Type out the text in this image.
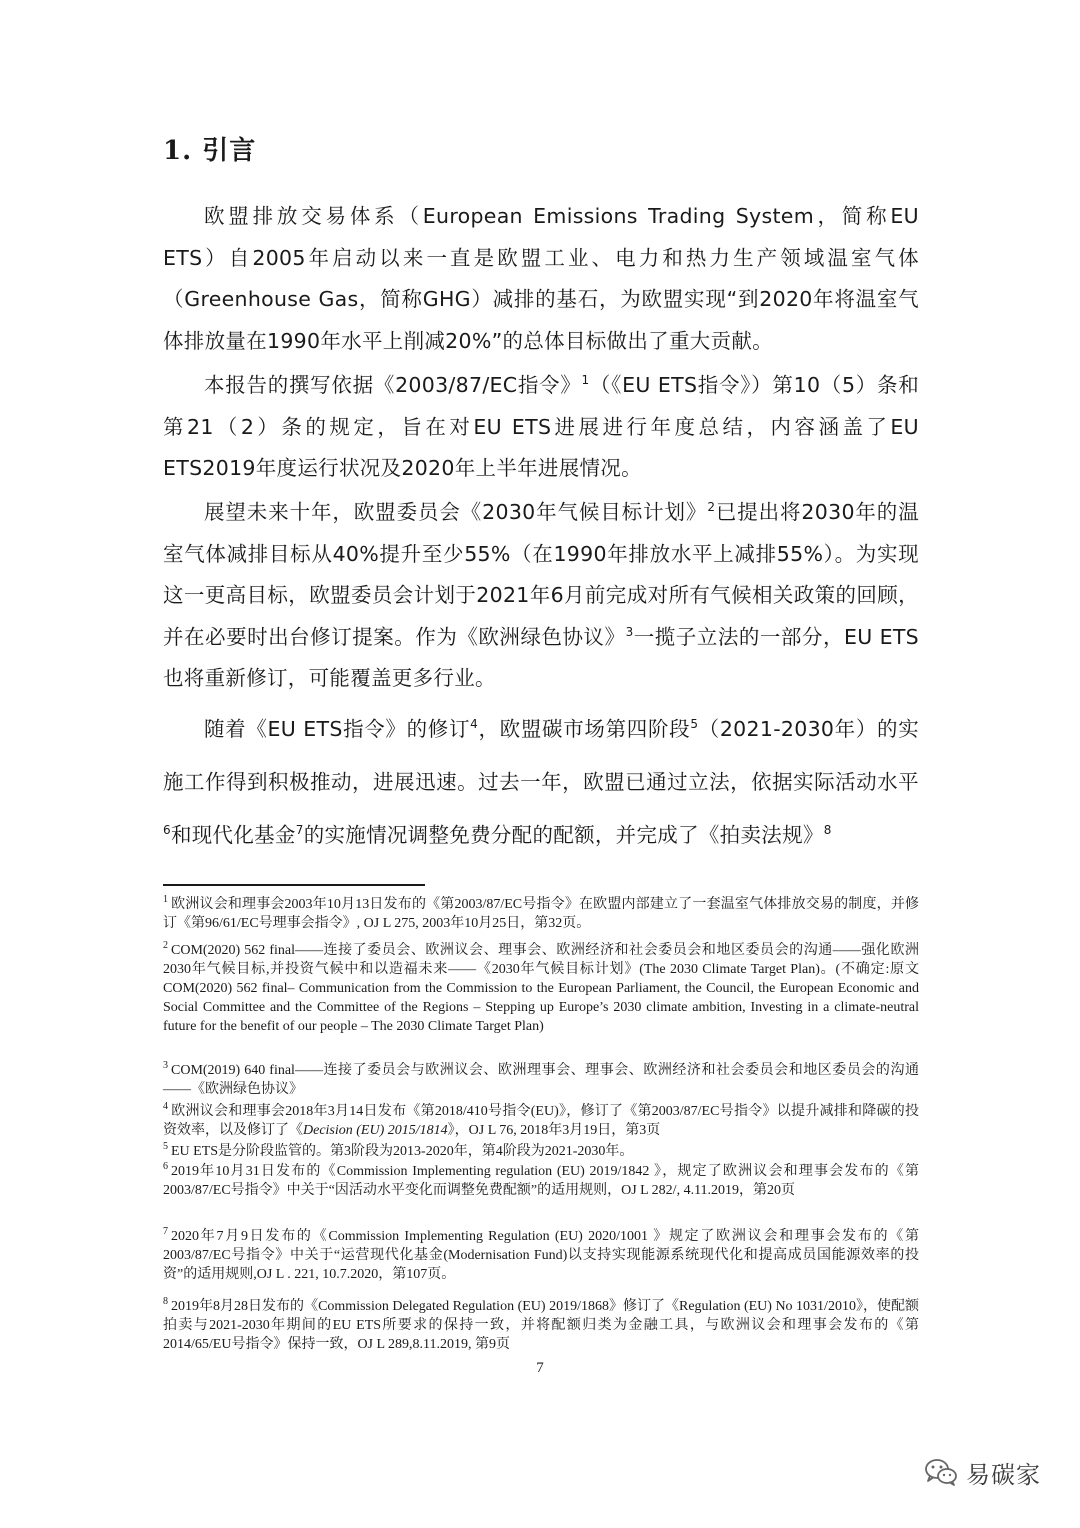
1. 引言

欧盟排放交易体系（European Emissions Trading System，简称EU ETS）自2005年启动以来一直是欧盟工业、电力和热力生产领域温室气体（Greenhouse Gas，简称GHG）减排的基石，为欧盟实现“到2020年将温室气体排放量在1990年水平上削减20%”的总体目标做出了重大贡献。

本报告的撰写依据《2003/87/EC指令》$^1$（《EU ETS指令》）第10（5）条和第21（2）条的规定，旨在对EU ETS进展进行年度总结，内容涵盖了EU ETS2019年度运行状况及2020年上半年进展情况。

展望未来十年，欧盟委员会《2030年气候目标计划》$^2$已提出将2030年的温室气体减排目标从40%提升至少55%（在1990年排放水平上减排55%）。为实现这一更高目标，欧盟委员会计划于2021年6月前完成对所有气候相关政策的回顾，并在必要时出台修订提案。作为《欧洲绿色协议》$^3$一揽子立法的一部分，EU ETS也将重新修订，可能覆盖更多行业。

随着《EU ETS指令》的修订$^4$，欧盟碳市场第四阶段$^5$（2021-2030年）的实施工作得到积极推动，进展迅速。过去一年，欧盟已通过立法，依据实际活动水平$^6$和现代化基金$^7$的实施情况调整免费分配的配额，并完成了《拍卖法规》$^8$

$^1$ 欧洲议会和理事会2003年10月13日发布的《第2003/87/EC号指令》在欧盟内部建立了一套温室气体排放交易的制度，并修订《第96/61/EC号理事会指令》, OJ L 275, 2003年10月25日，第32页。

$^2$ COM(2020) 562 final——连接了委员会、欧洲议会、理事会、欧洲经济和社会委员会和地区委员会的沟通——强化欧洲2030年气候目标,并投资气候中和以造福未来——《2030年气候目标计划》(The 2030 Climate Target Plan)。(不确定:原文COM(2020) 562 final– Communication from the Commission to the European Parliament, the Council, the European Economic and Social Committee and the Committee of the Regions – Stepping up Europe’s 2030 climate ambition, Investing in a climate-neutral future for the benefit of our people – The 2030 Climate Target Plan)

$^3$ COM(2019) 640 final——连接了委员会与欧洲议会、欧洲理事会、理事会、欧洲经济和社会委员会和地区委员会的沟通——《欧洲绿色协议》

$^4$ 欧洲议会和理事会2018年3月14日发布《第2018/410号指令(EU)》，修订了《第2003/87/EC号指令》以提升减排和降碳的投资效率，以及修订了《Decision (EU) 2015/1814》，OJ L 76, 2018年3月19日，第3页

$^5$ EU ETS是分阶段监管的。第3阶段为2013-2020年，第4阶段为2021-2030年。

$^6$ 2019年10月31日发布的《Commission Implementing regulation (EU) 2019/1842 》，规定了欧洲议会和理事会发布的《第2003/87/EC号指令》中关于“因活动水平变化而调整免费配额”的适用规则，OJ L 282/, 4.11.2019，第20页

$^7$ 2020年7月9日发布的《Commission Implementing Regulation (EU) 2020/1001 》规定了欧洲议会和理事会发布的《第2003/87/EC号指令》中关于“运营现代化基金(Modernisation Fund)以支持实现能源系统现代化和提高成员国能源效率的投资”的适用规则,OJ L . 221, 10.7.2020，第107页。

$^8$ 2019年8月28日发布的《Commission Delegated Regulation (EU) 2019/1868》修订了《Regulation (EU) No 1031/2010》，使配额拍卖与2021-2030年期间的EU ETS所要求的保持一致，并将配额归类为金融工具，与欧洲议会和理事会发布的《第2014/65/EU号指令》保持一致，OJ L 289,8.11.2019, 第9页

7
易碳家
